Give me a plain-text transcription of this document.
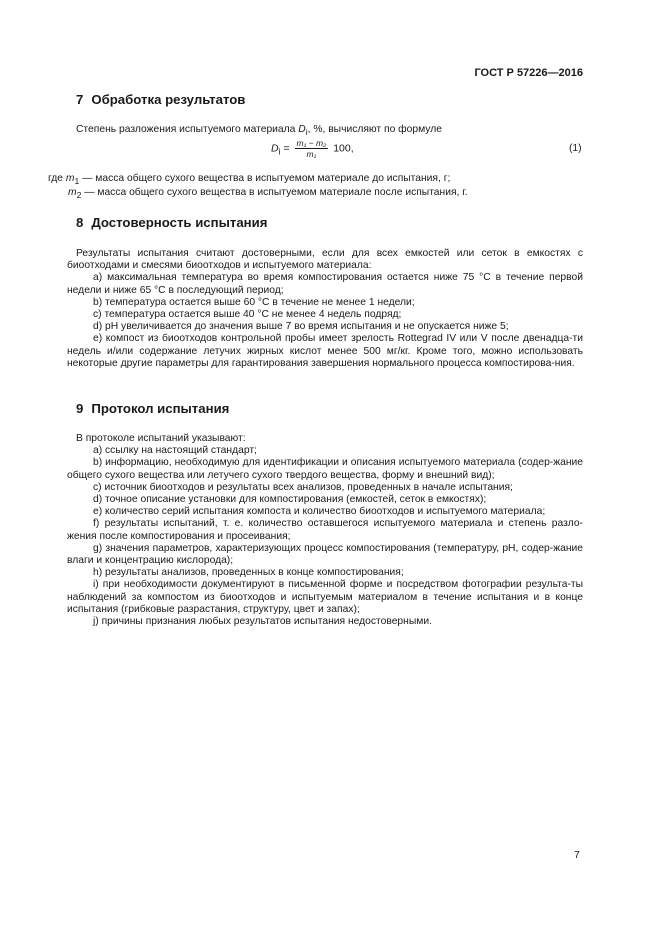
ГОСТ Р 57226—2016
7 Обработка результатов
Степень разложения испытуемого материала $D_i$, %, вычисляют по формуле
$D_i = \frac{\text{m₁ − m₂}}{\text{m₁}} 100$,	(1)
где $m_1$ — масса общего сухого вещества в испытуемом материале до испытания, г;
$m_2$ — масса общего сухого вещества в испытуемом материале после испытания, г.
8 Достоверность испытания

Результаты испытания считают достоверными, если для всех емкостей или сеток в емкостях с биоотходами и смесями биоотходов и испытуемого материала:

a) максимальная температура во время компостирования остается ниже 75 °С в течение первой недели и ниже 65 °С в последующий период;

b) температура остается выше 60 °С в течение не менее 1 недели;

c) температура остается выше 40 °С не менее 4 недель подряд;

d) pH увеличивается до значения выше 7 во время испытания и не опускается ниже 5;

e) компост из биоотходов контрольной пробы имеет зрелость Rottegrad IV или V после двенадца-ти недель и/или содержание летучих жирных кислот менее 500 мг/кг. Кроме того, можно использовать некоторые другие параметры для гарантирования завершения нормального процесса компостирова-ния.

9 Протокол испытания

В протоколе испытаний указывают:

a) ссылку на настоящий стандарт;

b) информацию, необходимую для идентификации и описания испытуемого материала (содер-жание общего сухого вещества или летучего сухого твердого вещества, форму и внешний вид);

c) источник биоотходов и результаты всех анализов, проведенных в начале испытания;

d) точное описание установки для компостирования (емкостей, сеток в емкостях);

e) количество серий испытания компоста и количество биоотходов и испытуемого материала;

f) результаты испытаний, т. е. количество оставшегося испытуемого материала и степень разло-жения после компостирования и просеивания;

g) значения параметров, характеризующих процесс компостирования (температуру, pH, содер-жание влаги и концентрацию кислорода);

h) результаты анализов, проведенных в конце компостирования;

i) при необходимости документируют в письменной форме и посредством фотографии результа-ты наблюдений за компостом из биоотходов и испытуемым материалом в течение испытания и в конце испытания (грибковые разрастания, структуру, цвет и запах);

j) причины признания любых результатов испытания недостоверными.

7
